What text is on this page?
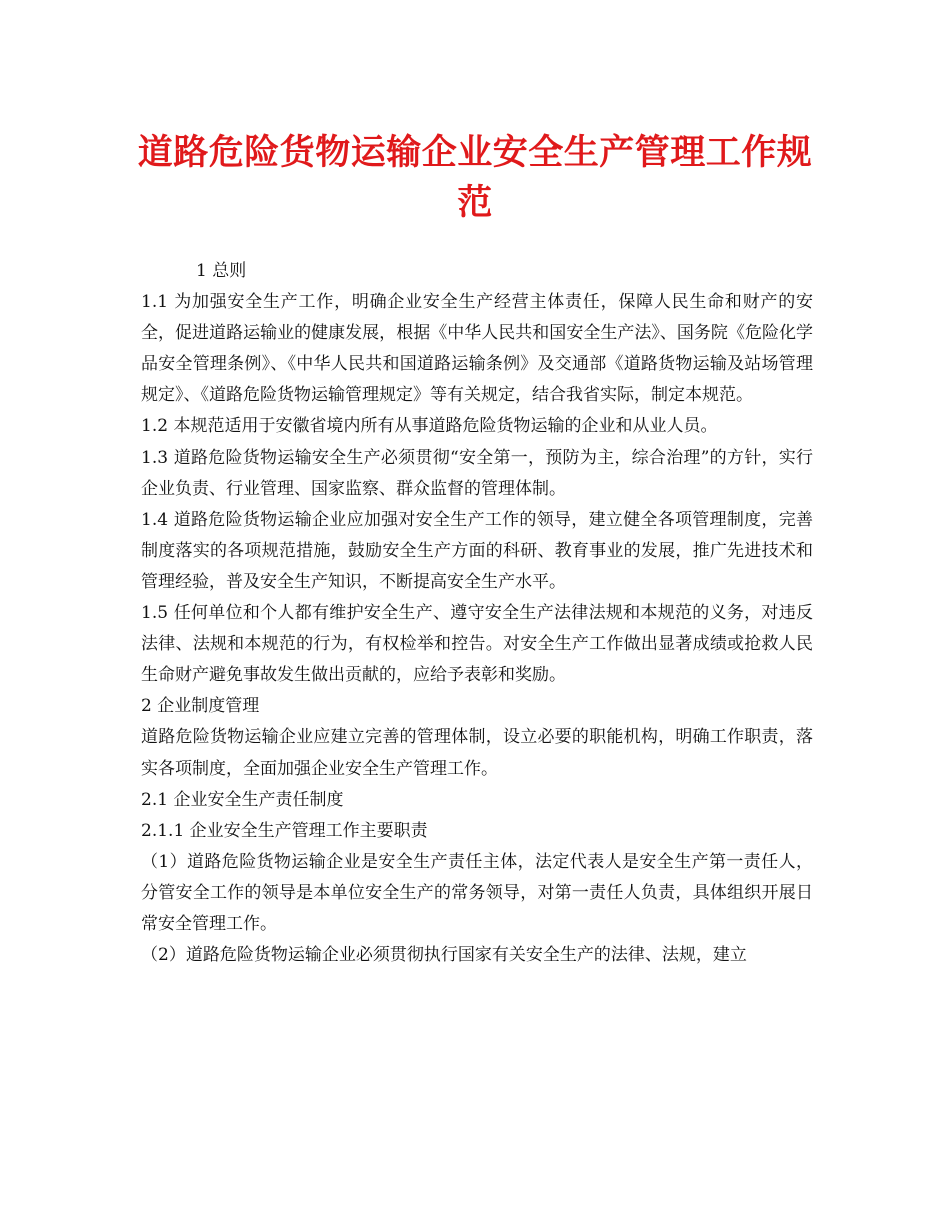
道路危险货物运输企业安全生产管理工作规范

1 总则

1.1 为加强安全生产工作，明确企业安全生产经营主体责任，保障人民生命和财产的安全，促进道路运输业的健康发展，根据《中华人民共和国安全生产法》、国务院《危险化学品安全管理条例》、《中华人民共和国道路运输条例》及交通部《道路货物运输及站场管理规定》、《道路危险货物运输管理规定》等有关规定，结合我省实际，制定本规范。

1.2 本规范适用于安徽省境内所有从事道路危险货物运输的企业和从业人员。

1.3 道路危险货物运输安全生产必须贯彻“安全第一，预防为主，综合治理”的方针，实行企业负责、行业管理、国家监察、群众监督的管理体制。

1.4 道路危险货物运输企业应加强对安全生产工作的领导，建立健全各项管理制度，完善制度落实的各项规范措施，鼓励安全生产方面的科研、教育事业的发展，推广先进技术和管理经验，普及安全生产知识，不断提高安全生产水平。

1.5 任何单位和个人都有维护安全生产、遵守安全生产法律法规和本规范的义务，对违反法律、法规和本规范的行为，有权检举和控告。对安全生产工作做出显著成绩或抢救人民生命财产避免事故发生做出贡献的，应给予表彰和奖励。

2 企业制度管理

道路危险货物运输企业应建立完善的管理体制，设立必要的职能机构，明确工作职责，落实各项制度，全面加强企业安全生产管理工作。

2.1 企业安全生产责任制度

2.1.1 企业安全生产管理工作主要职责

（1）道路危险货物运输企业是安全生产责任主体，法定代表人是安全生产第一责任人，分管安全工作的领导是本单位安全生产的常务领导，对第一责任人负责，具体组织开展日常安全管理工作。

（2）道路危险货物运输企业必须贯彻执行国家有关安全生产的法律、法规，建立
